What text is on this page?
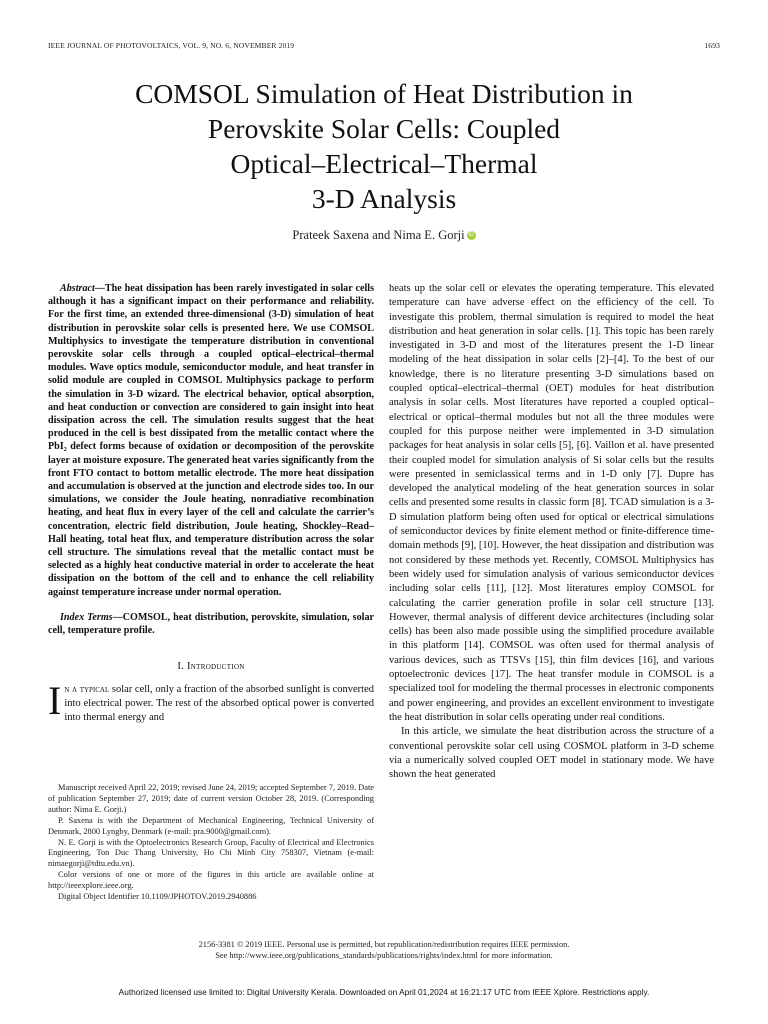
IEEE JOURNAL OF PHOTOVOLTAICS, VOL. 9, NO. 6, NOVEMBER 2019	1693
COMSOL Simulation of Heat Distribution in
Perovskite Solar Cells: Coupled
Optical–Electrical–Thermal
3-D Analysis
Prateek Saxena and Nima E. Gorji iD

Abstract—The heat dissipation has been rarely investigated in solar cells although it has a significant impact on their performance and reliability. For the first time, an extended three-dimensional (3-D) simulation of heat distribution in perovskite solar cells is presented here. We use COMSOL Multiphysics to investigate the temperature distribution in conventional perovskite solar cells through a coupled optical–electrical–thermal modules. Wave optics module, semiconductor module, and heat transfer in solid module are coupled in COMSOL Multiphysics package to perform the simulation in 3-D wizard. The electrical behavior, optical absorption, and heat conduction or convection are considered to gain insight into heat dissipation across the cell. The simulation results suggest that the heat produced in the cell is best dissipated from the metallic contact where the PbI₂ defect forms because of oxidation or decomposition of the perovskite layer at moisture exposure. The generated heat varies significantly from the front FTO contact to bottom metallic electrode. The more heat dissipation and accumulation is observed at the junction and electrode sides too. In our simulations, we consider the Joule heating, nonradiative recombination heating, and heat flux in every layer of the cell and calculate the carrier’s concentration, electric field distribution, Joule heating, Shockley–Read–Hall heating, total heat flux, and temperature distribution across the solar cell structure. The simulations reveal that the metallic contact must be selected as a highly heat conductive material in order to accelerate the heat dissipation on the bottom of the cell and to enhance the cell reliability against temperature increase under normal operation.

Index Terms—COMSOL, heat distribution, perovskite, simulation, solar cell, temperature profile.

I. Introduction

In a typical solar cell, only a fraction of the absorbed sunlight is converted into electrical power. The rest of the absorbed optical power is converted into thermal energy and

Manuscript received April 22, 2019; revised June 24, 2019; accepted September 7, 2019. Date of publication September 27, 2019; date of current version October 28, 2019. (Corresponding author: Nima E. Gorji.)

P. Saxena is with the Department of Mechanical Engineering, Technical University of Denmark, 2800 Lyngby, Denmark (e-mail: pra.9000@gmail.com).

N. E. Gorji is with the Optoelectronics Research Group, Faculty of Electrical and Electronics Engineering, Ton Duc Thang University, Ho Chi Minh City 758307, Vietnam (e-mail: nimaegorji@tdtu.edu.vn).

Color versions of one or more of the figures in this article are available online at http://ieeexplore.ieee.org.

Digital Object Identifier 10.1109/JPHOTOV.2019.2940886

heats up the solar cell or elevates the operating temperature. This elevated temperature can have adverse effect on the efficiency of the cell. To investigate this problem, thermal simulation is required to model the heat distribution and heat generation in solar cells. [1]. This topic has been rarely investigated in 3-D and most of the literatures present the 1-D linear modeling of the heat dissipation in solar cells [2]–[4]. To the best of our knowledge, there is no literature presenting 3-D simulations based on coupled optical–electrical–thermal (OET) modules for heat distribution analysis in solar cells. Most literatures have reported a coupled optical–electrical or optical–thermal modules but not all the three modules were coupled for this purpose neither were implemented in 3-D simulation packages for heat analysis in solar cells [5], [6]. Vaillon et al. have presented their coupled model for simulation analysis of Si solar cells but the results were presented in semiclassical terms and in 1-D only [7]. Dupre has developed the analytical modeling of the heat generation sources in solar cells and presented some results in classic form [8]. TCAD simulation is a 3-D simulation platform being often used for optical or electrical simulations of semiconductor devices by finite element method or finite-difference time-domain methods [9], [10]. However, the heat dissipation and distribution was not considered by these methods yet. Recently, COMSOL Multiphysics has been widely used for simulation analysis of various semiconductor devices including solar cells [11], [12]. Most literatures employ COMSOL for calculating the carrier generation profile in solar cell structure [13]. However, thermal analysis of different device architectures (including solar cells) has been also made possible using the simplified procedure available in this platform [14]. COMSOL was often used for thermal analysis of various devices, such as TTSVs [15], thin film devices [16], and various optoelectronic devices [17]. The heat transfer module in COMSOL is a specialized tool for modeling the thermal processes in electronic components and power engineering, and provides an excellent environment to investigate the heat distribution in solar cells operating under real conditions.

In this article, we simulate the heat distribution across the structure of a conventional perovskite solar cell using COSMOL platform in 3-D scheme via a numerically solved coupled OET model in stationary mode. We have shown the heat generated

2156-3381 © 2019 IEEE. Personal use is permitted, but republication/redistribution requires IEEE permission.
See http://www.ieee.org/publications_standards/publications/rights/index.html for more information.
Authorized licensed use limited to: Digital University Kerala. Downloaded on April 01,2024 at 16:21:17 UTC from IEEE Xplore. Restrictions apply.
